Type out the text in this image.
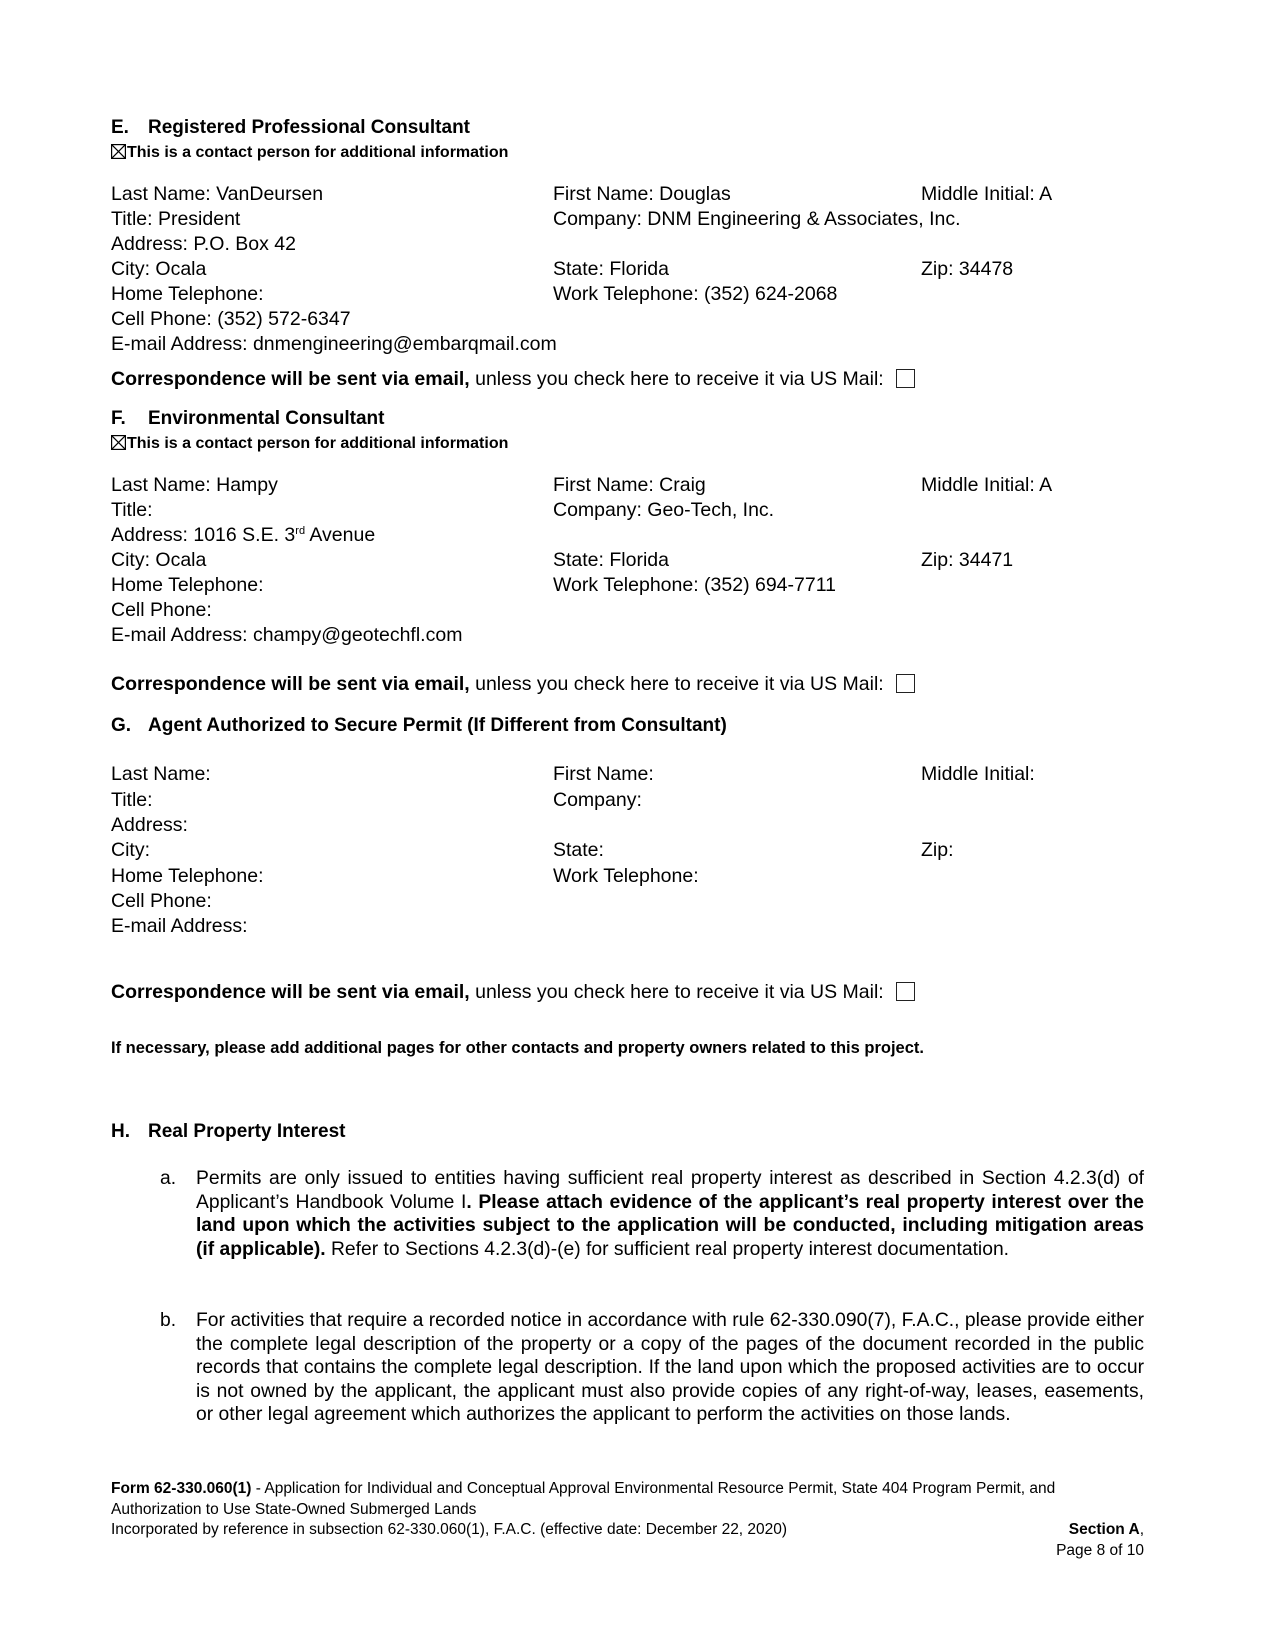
E. Registered Professional Consultant
This is a contact person for additional information
Last Name: VanDeursen	First Name: Douglas	Middle Initial: A
Title: President	Company: DNM Engineering & Associates, Inc.
Address: P.O. Box 42
City: Ocala	State: Florida	Zip: 34478
Home Telephone:	Work Telephone: (352) 624-2068
Cell Phone: (352) 572-6347
E-mail Address: dnmengineering@embarqmail.com
Correspondence will be sent via email, unless you check here to receive it via US Mail:
F. Environmental Consultant
This is a contact person for additional information
Last Name: Hampy	First Name: Craig	Middle Initial: A
Title:	Company: Geo-Tech, Inc.
Address: 1016 S.E. 3rd Avenue
City: Ocala	State: Florida	Zip: 34471
Home Telephone:	Work Telephone: (352) 694-7711
Cell Phone:
E-mail Address: champy@geotechfl.com
Correspondence will be sent via email, unless you check here to receive it via US Mail:
G. Agent Authorized to Secure Permit (If Different from Consultant)
Last Name:	First Name:	Middle Initial:
Title:	Company:
Address:
City:	State:	Zip:
Home Telephone:	Work Telephone:
Cell Phone:
E-mail Address:
Correspondence will be sent via email, unless you check here to receive it via US Mail:
If necessary, please add additional pages for other contacts and property owners related to this project.
H. Real Property Interest
a. Permits are only issued to entities having sufficient real property interest as described in Section 4.2.3(d) of Applicant’s Handbook Volume I. Please attach evidence of the applicant’s real property interest over the land upon which the activities subject to the application will be conducted, including mitigation areas (if applicable). Refer to Sections 4.2.3(d)-(e) for sufficient real property interest documentation.

b. For activities that require a recorded notice in accordance with rule 62-330.090(7), F.A.C., please provide either the complete legal description of the property or a copy of the pages of the document recorded in the public records that contains the complete legal description. If the land upon which the proposed activities are to occur is not owned by the applicant, the applicant must also provide copies of any right-of-way, leases, easements, or other legal agreement which authorizes the applicant to perform the activities on those lands.

Form 62-330.060(1) - Application for Individual and Conceptual Approval Environmental Resource Permit, State 404 Program Permit, and
Authorization to Use State-Owned Submerged Lands
Incorporated by reference in subsection 62-330.060(1), F.A.C. (effective date: December 22, 2020)	Section A,
Page 8 of 10
